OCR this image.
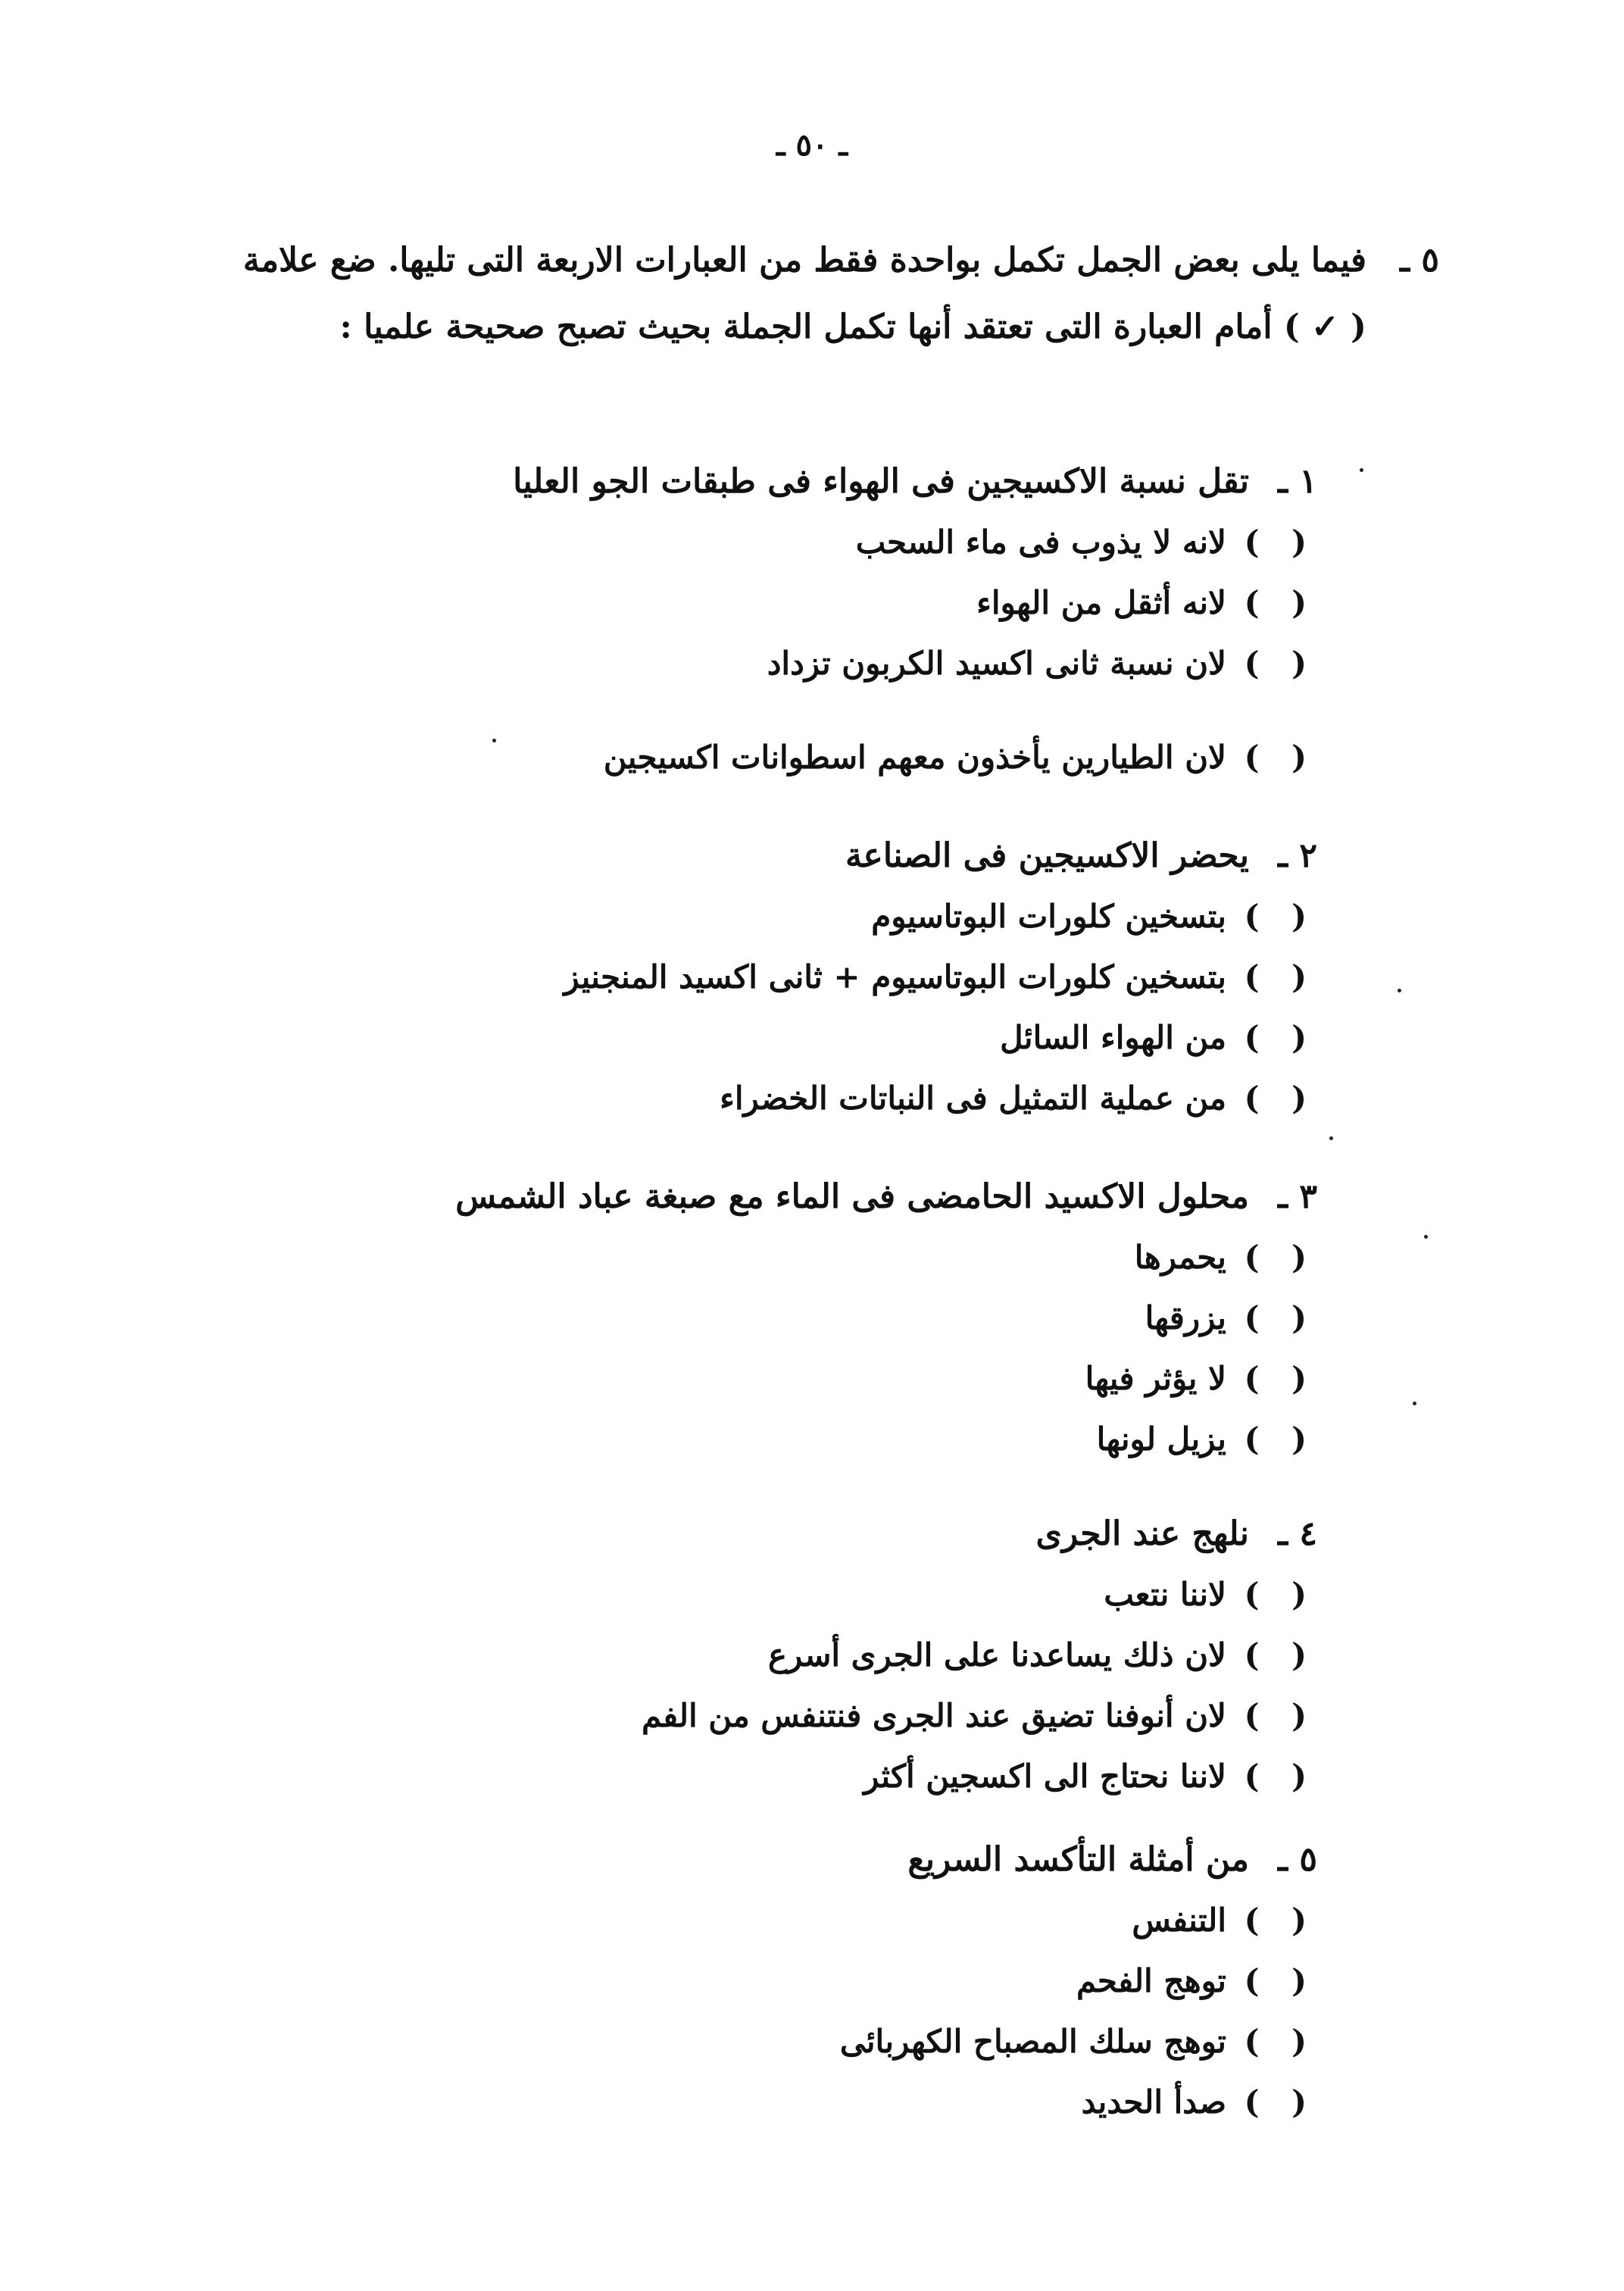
ـ ٥٠ ـ
٥ ـ
فيما يلى بعض الجمل تكمل بواحدة فقط من العبارات الاربعة التى تليها. ضع علامة ( ✓ ) أمام العبارة التى تعتقد أنها تكمل الجملة بحيث تصبح صحيحة علميا :
١ ـتقل نسبة الاكسيجين فى الهواء فى طبقات الجو العليا
( )لانه لا يذوب فى ماء السحب
( )لانه أثقل من الهواء
( )لان نسبة ثانى اكسيد الكربون تزداد
( )لان الطيارين يأخذون معهم اسطوانات اكسيجين
٢ ـيحضر الاكسيجين فى الصناعة
( )بتسخين كلورات البوتاسيوم
( )بتسخين كلورات البوتاسيوم + ثانى اكسيد المنجنيز
( )من الهواء السائل
( )من عملية التمثيل فى النباتات الخضراء
٣ ـمحلول الاكسيد الحامضى فى الماء مع صبغة عباد الشمس
( )يحمرها
( )يزرقها
( )لا يؤثر فيها
( )يزيل لونها
٤ ـنلهج عند الجرى
( )لاننا نتعب
( )لان ذلك يساعدنا على الجرى أسرع
( )لان أنوفنا تضيق عند الجرى فنتنفس من الفم
( )لاننا نحتاج الى اكسجين أكثر
٥ ـمن أمثلة التأكسد السريع
( )التنفس
( )توهج الفحم
( )توهج سلك المصباح الكهربائى
( )صدأ الحديد
